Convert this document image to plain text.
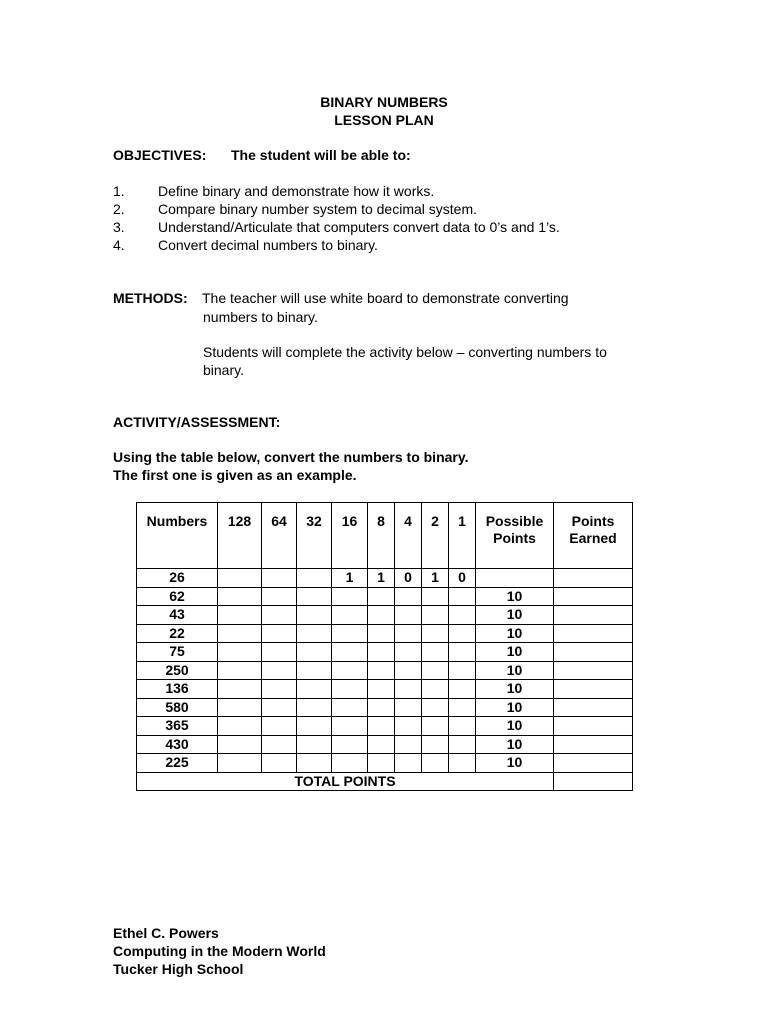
BINARY NUMBERS
LESSON PLAN
OBJECTIVES: The student will be able to:
1. Define binary and demonstrate how it works.
2. Compare binary number system to decimal system.
3. Understand/Articulate that computers convert data to 0’s and 1’s.
4. Convert decimal numbers to binary.
METHODS: The teacher will use white board to demonstrate converting
numbers to binary.
Students will complete the activity below – converting numbers to
binary.
ACTIVITY/ASSESSMENT:
Using the table below, convert the numbers to binary.
The first one is given as an example.
Numbers	128	64	32	16	8	4	2	1	Possible Points	Points Earned
26				1	1	0	1	0		
62									10	
43									10	
22									10	
75									10	
250									10	
136									10	
580									10	
365									10	
430									10	
225									10	
TOTAL POINTS										
Ethel C. Powers
Computing in the Modern World
Tucker High School
